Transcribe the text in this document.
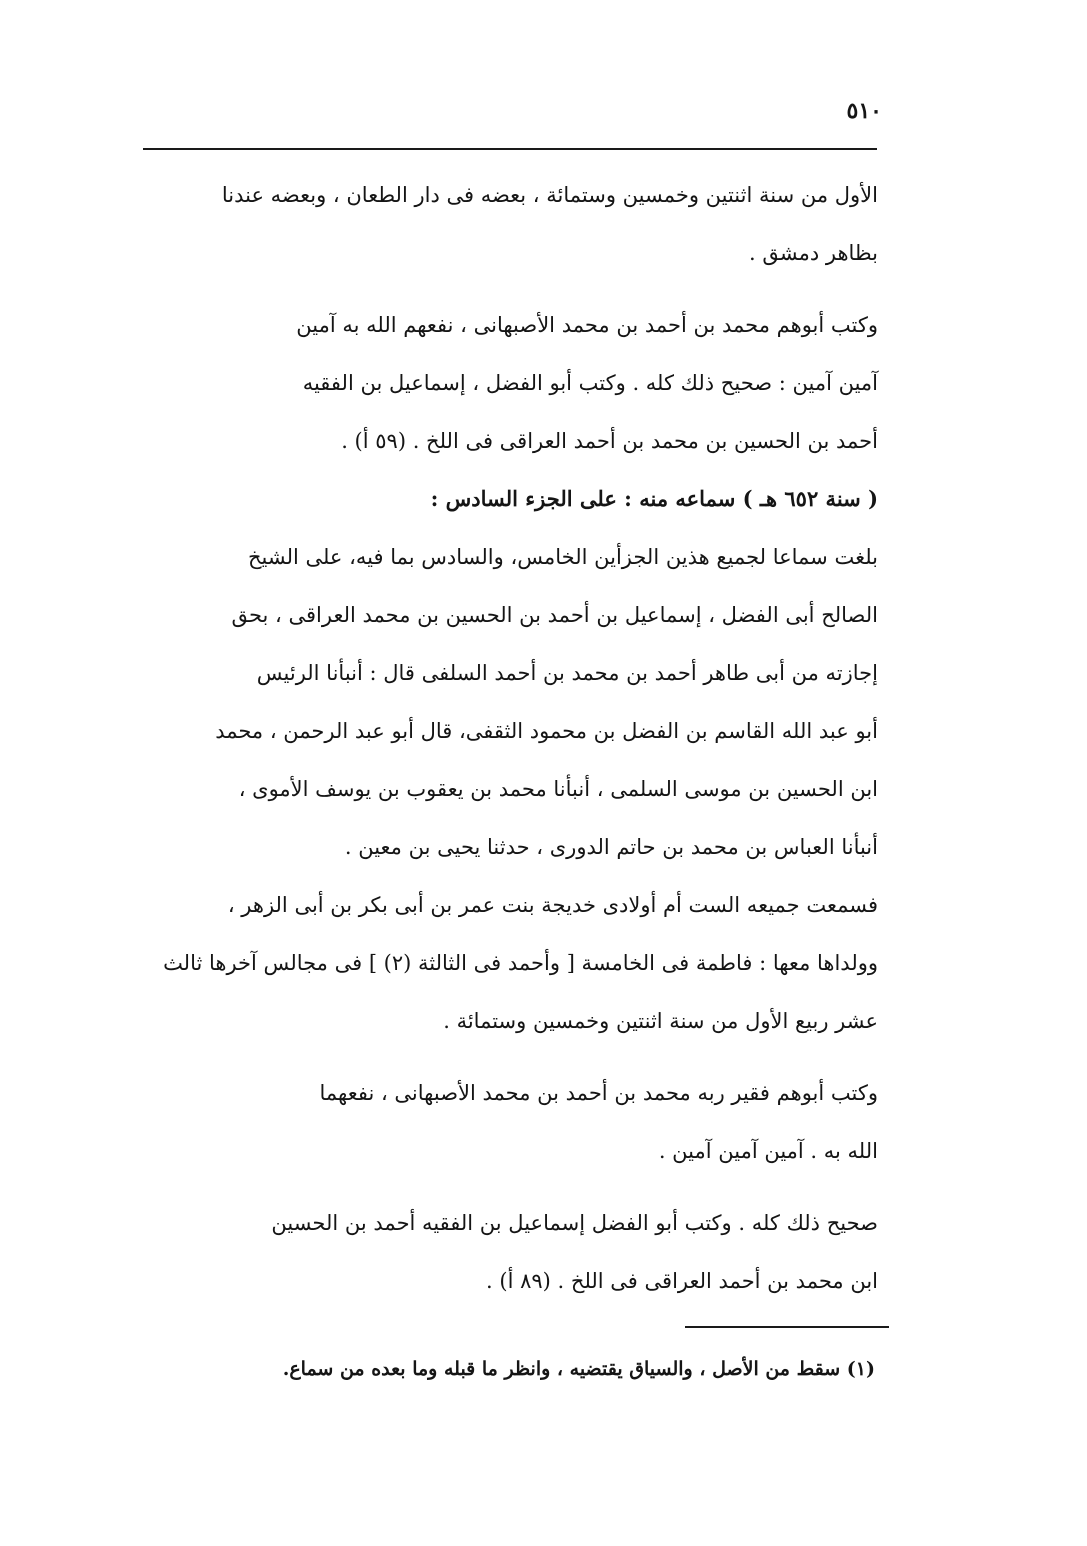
٥١٠
الأول من سنة اثنتين وخمسين وستمائة ، بعضه فى دار الطعان ، وبعضه عندنا
بظاهر دمشق .
وكتب أبوهم محمد بن أحمد بن محمد الأصبهانى ، نفعهم الله به آمين
آمين آمين : صحيح ذلك كله . وكتب أبو الفضل ، إسماعيل بن الفقيه
أحمد بن الحسين بن محمد بن أحمد العراقى فى اللخ . (٥٩ أ) .
( سنة ٦٥٢ هـ ) سماعه منه : على الجزء السادس :
بلغت سماعا لجميع هذين الجزأين الخامس، والسادس بما فيه، على الشيخ
الصالح أبى الفضل ، إسماعيل بن أحمد بن الحسين بن محمد العراقى ، بحق
إجازته من أبى طاهر أحمد بن محمد بن أحمد السلفى قال : أنبأنا الرئيس
أبو عبد الله القاسم بن الفضل بن محمود الثقفى، قال أبو عبد الرحمن ، محمد
ابن الحسين بن موسى السلمى ، أنبأنا محمد بن يعقوب بن يوسف الأموى ،
أنبأنا العباس بن محمد بن حاتم الدورى ، حدثنا يحيى بن معين .
فسمعت جميعه الست أم أولادى خديجة بنت عمر بن أبى بكر بن أبى الزهر ،
وولداها معها : فاطمة فى الخامسة [ وأحمد فى الثالثة (٢) ] فى مجالس آخرها ثالث
عشر ربيع الأول من سنة اثنتين وخمسين وستمائة .
وكتب أبوهم فقير ربه محمد بن أحمد بن محمد الأصبهانى ، نفعهما
الله به . آمين آمين آمين .
صحيح ذلك كله . وكتب أبو الفضل إسماعيل بن الفقيه أحمد بن الحسين
ابن محمد بن أحمد العراقى فى اللخ . (٨٩ أ) .
(١) سقط من الأصل ، والسياق يقتضيه ، وانظر ما قبله وما بعده من سماع.
